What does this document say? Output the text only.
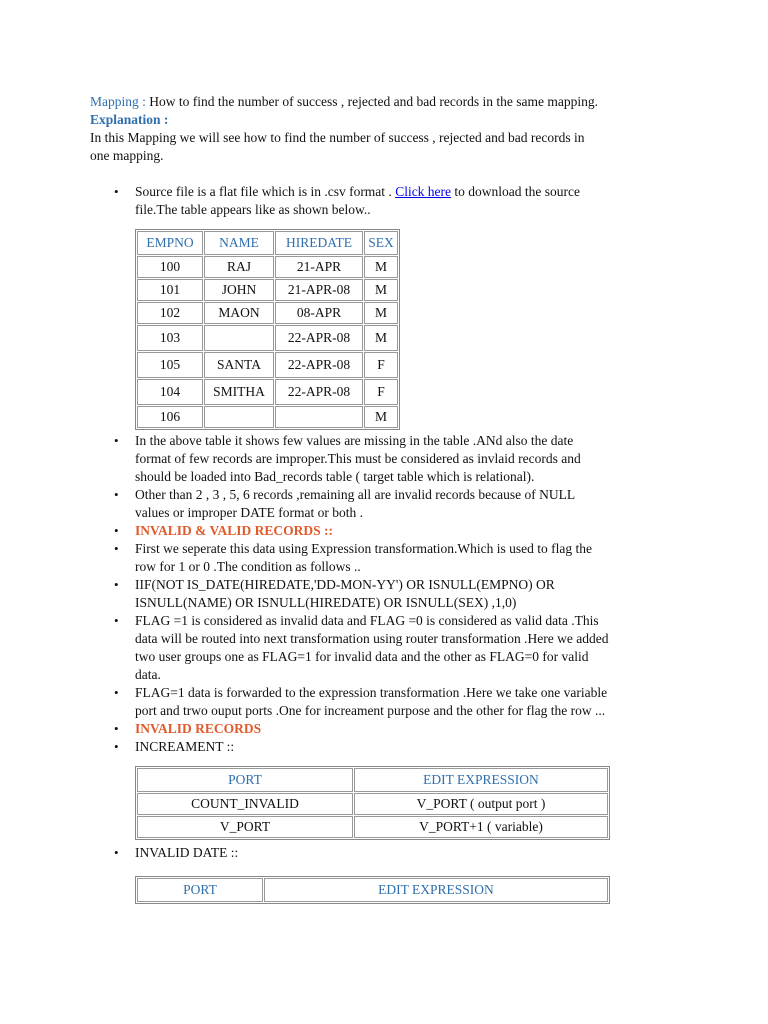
Mapping : How to find the number of success , rejected and bad records in the same mapping.
Explanation :
In this Mapping we will see how to find the number of success , rejected and bad records in
one mapping.
• Source file is a flat file which is in .csv format . Click here to download the source
file.The table appears like as shown below..
EMPNO	NAME	HIREDATE	SEX
100	RAJ	21-APR	M
101	JOHN	21-APR-08	M
102	MAON	08-APR	M
103		22-APR-08	M
105	SANTA	22-APR-08	F
104	SMITHA	22-APR-08	F
106			M
• In the above table it shows few values are missing in the table .ANd also the date
format of few records are improper.This must be considered as invlaid records and
should be loaded into Bad_records table ( target table which is relational).
• Other than 2 , 3 , 5, 6 records ,remaining all are invalid records because of NULL
values or improper DATE format or both .
• INVALID & VALID RECORDS ::
• First we seperate this data using Expression transformation.Which is used to flag the
row for 1 or 0 .The condition as follows ..
• IIF(NOT IS_DATE(HIREDATE,'DD-MON-YY') OR ISNULL(EMPNO) OR
ISNULL(NAME) OR ISNULL(HIREDATE) OR ISNULL(SEX) ,1,0)
• FLAG =1 is considered as invalid data and FLAG =0 is considered as valid data .This
data will be routed into next transformation using router transformation .Here we added
two user groups one as FLAG=1 for invalid data and the other as FLAG=0 for valid
data.
• FLAG=1 data is forwarded to the expression transformation .Here we take one variable
port and trwo ouput ports .One for increament purpose and the other for flag the row ...
• INVALID RECORDS
• INCREAMENT ::
PORT	EDIT EXPRESSION
COUNT_INVALID	V_PORT ( output port )
V_PORT	V_PORT+1 ( variable)
• INVALID DATE ::
PORT	EDIT EXPRESSION
